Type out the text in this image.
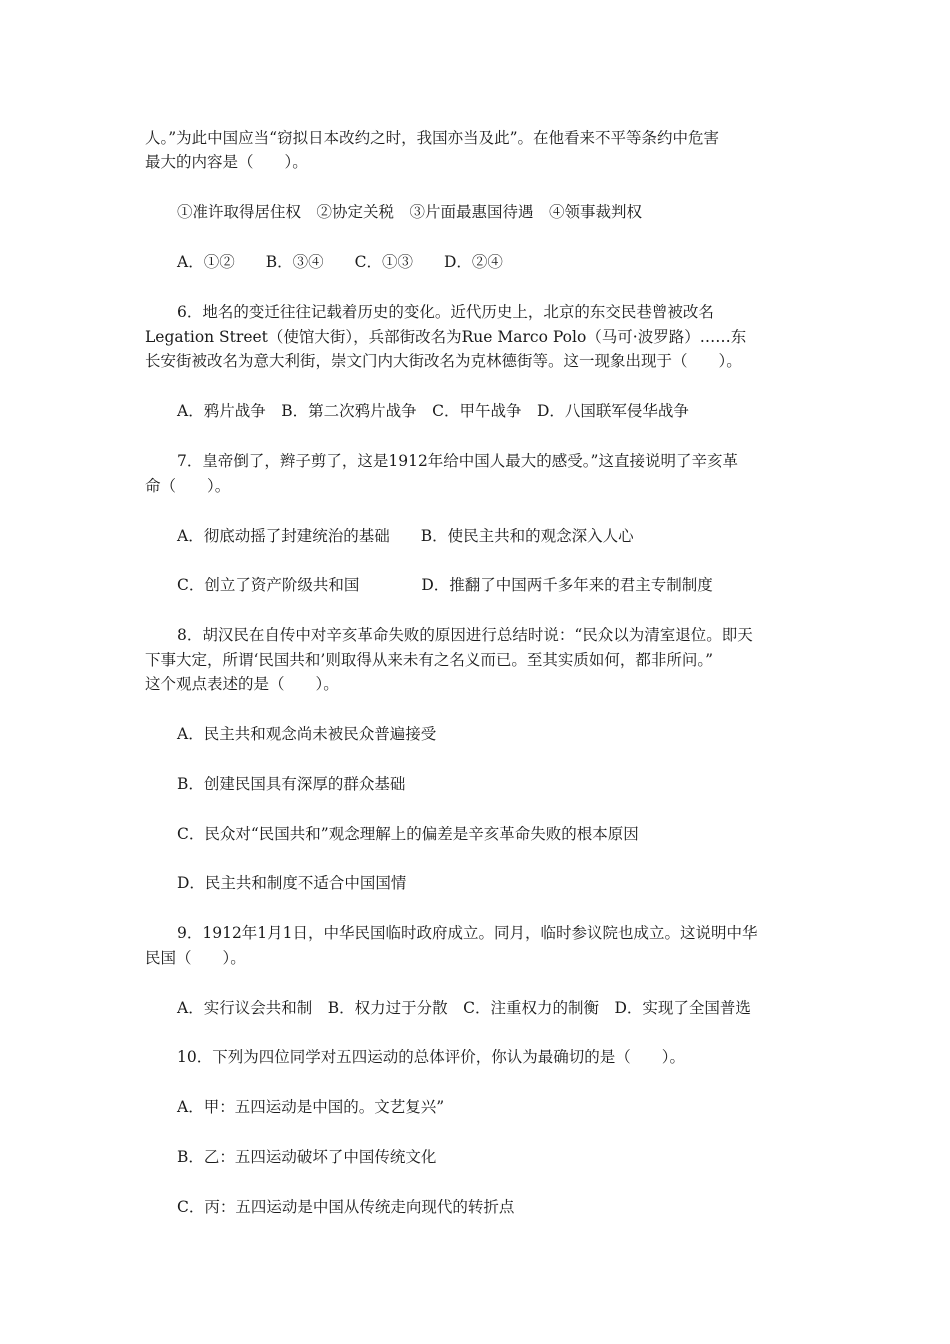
人。”为此中国应当“窃拟日本改约之时，我国亦当及此”。在他看来不平等条约中危害

最大的内容是（　　）。

①准许取得居住权　②协定关税　③片面最惠国待遇　④领事裁判权

A．①②　　B．③④　　C．①③　　D．②④

6．地名的变迁往往记载着历史的变化。近代历史上，北京的东交民巷曾被改名

Legation Street（使馆大街），兵部街改名为Rue Marco Polo（马可·波罗路）……东

长安街被改名为意大利街，崇文门内大街改名为克林德街等。这一现象出现于（　　）。

A．鸦片战争　B．第二次鸦片战争　C．甲午战争　D．八国联军侵华战争

7．皇帝倒了，辫子剪了，这是1912年给中国人最大的感受。”这直接说明了辛亥革

命（　　）。

A．彻底动摇了封建统治的基础　　B．使民主共和的观念深入人心

C．创立了资产阶级共和国　　　　D．推翻了中国两千多年来的君主专制制度

8．胡汉民在自传中对辛亥革命失败的原因进行总结时说：“民众以为清室退位。即天

下事大定，所谓‘民国共和’则取得从来未有之名义而已。至其实质如何，都非所问。”

这个观点表述的是（　　）。

A．民主共和观念尚未被民众普遍接受

B．创建民国具有深厚的群众基础

C．民众对“民国共和”观念理解上的偏差是辛亥革命失败的根本原因

D．民主共和制度不适合中国国情

9．1912年1月1日，中华民国临时政府成立。同月，临时参议院也成立。这说明中华

民国（　　）。

A．实行议会共和制　B．权力过于分散　C．注重权力的制衡　D．实现了全国普选

10．下列为四位同学对五四运动的总体评价，你认为最确切的是（　　）。

A．甲：五四运动是中国的。文艺复兴”

B．乙：五四运动破坏了中国传统文化

C．丙：五四运动是中国从传统走向现代的转折点
